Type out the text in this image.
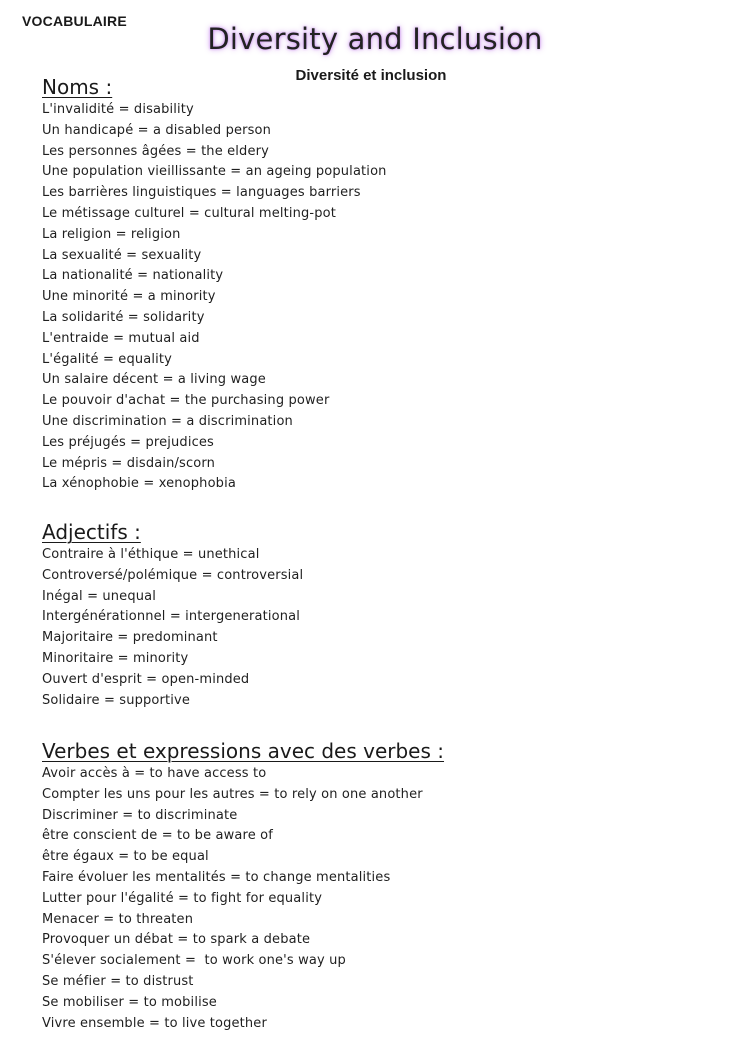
VOCABULAIRE
Diversity and Inclusion
Diversité et inclusion
Noms :
L'invalidité = disability
Un handicapé = a disabled person
Les personnes âgées = the eldery
Une population vieillissante = an ageing population
Les barrières linguistiques = languages barriers
Le métissage culturel = cultural melting-pot
La religion = religion
La sexualité = sexuality
La nationalité = nationality
Une minorité = a minority
La solidarité = solidarity
L'entraide = mutual aid
L'égalité = equality
Un salaire décent = a living wage
Le pouvoir d'achat = the purchasing power
Une discrimination = a discrimination
Les préjugés = prejudices
Le mépris = disdain/scorn
La xénophobie = xenophobia
Adjectifs :
Contraire à l'éthique = unethical
Controversé/polémique = controversial
Inégal = unequal
Intergénérationnel = intergenerational
Majoritaire = predominant
Minoritaire = minority
Ouvert d'esprit = open-minded
Solidaire = supportive
Verbes et expressions avec des verbes :
Avoir accès à = to have access to
Compter les uns pour les autres = to rely on one another
Discriminer = to discriminate
être conscient de = to be aware of
être égaux = to be equal
Faire évoluer les mentalités = to change mentalities
Lutter pour l'égalité = to fight for equality
Menacer = to threaten
Provoquer un débat = to spark a debate
S'élever socialement =  to work one's way up
Se méfier = to distrust
Se mobiliser = to mobilise
Vivre ensemble = to live together
